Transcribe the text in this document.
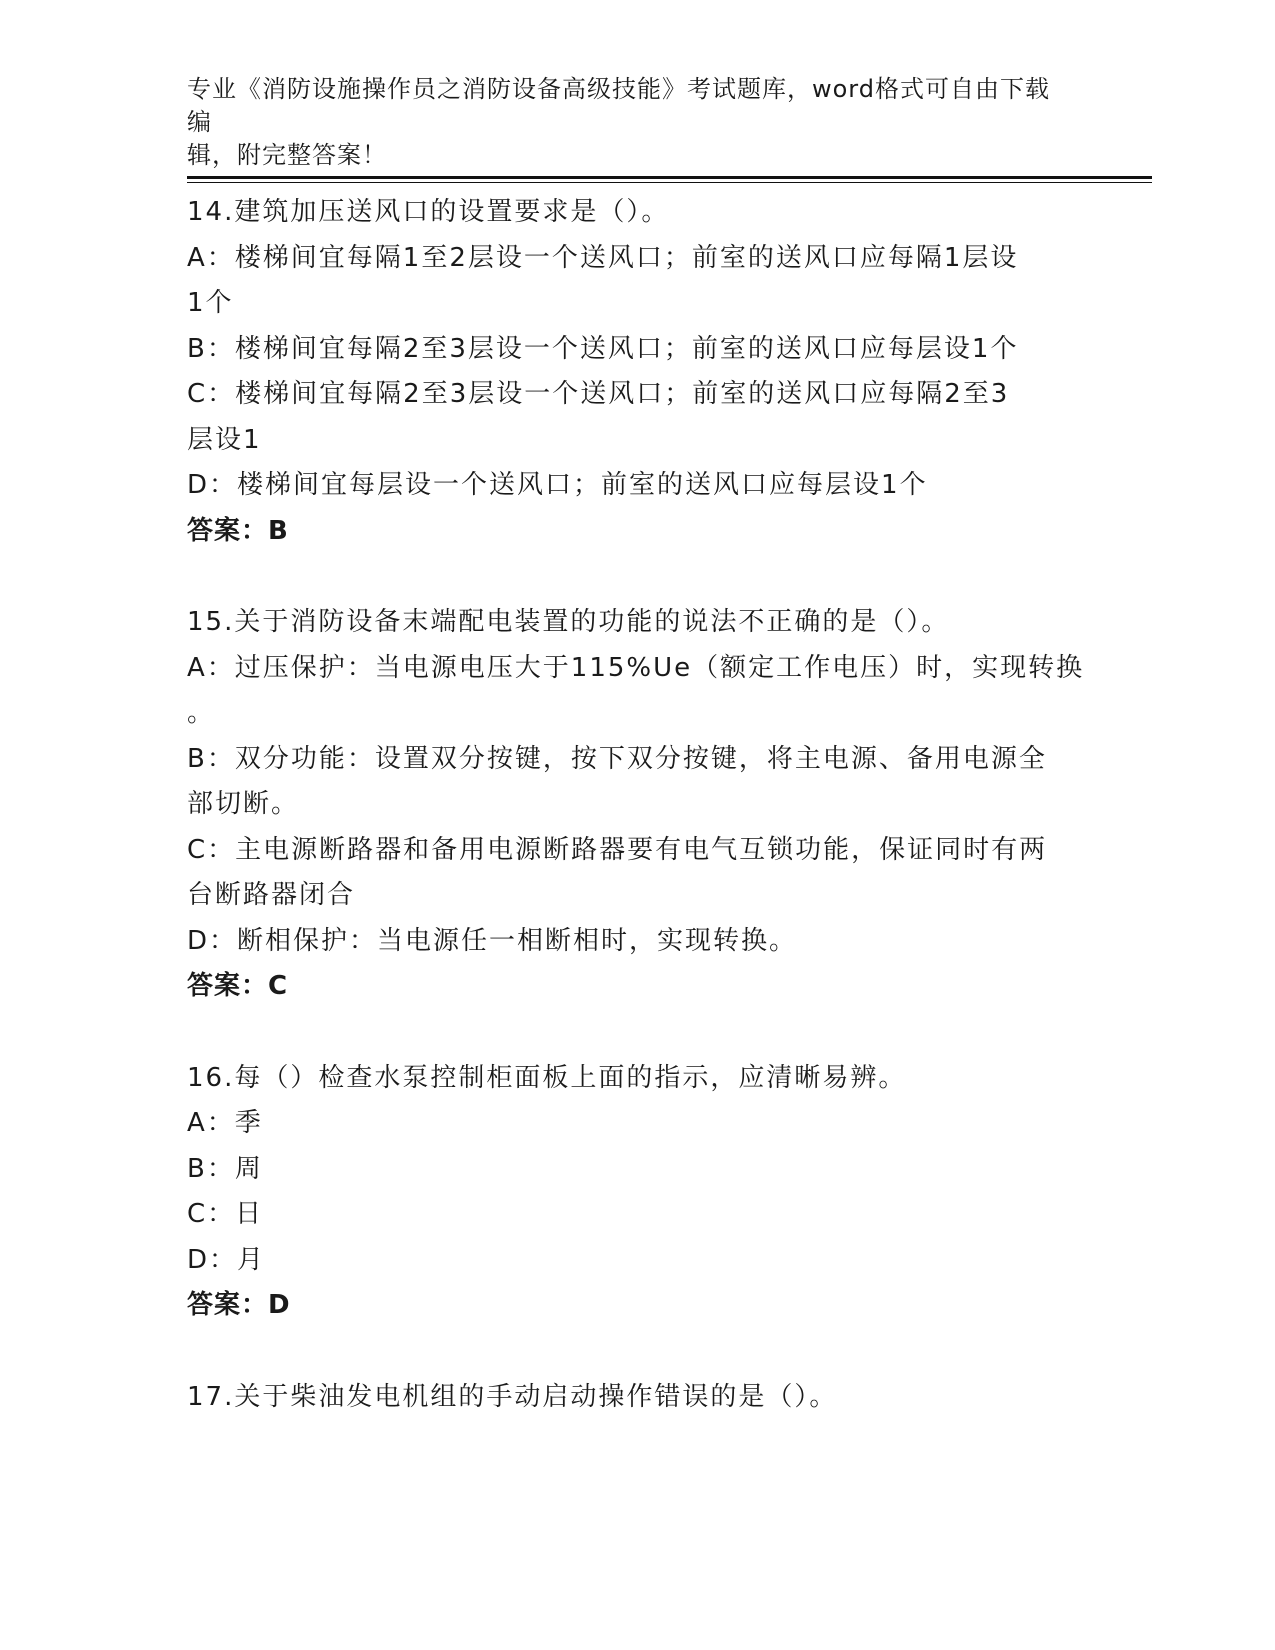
专业《消防设施操作员之消防设备高级技能》考试题库，word格式可自由下载编
辑，附完整答案！
14.建筑加压送风口的设置要求是（）。
A：楼梯间宜每隔1至2层设一个送风口；前室的送风口应每隔1层设
1个
B：楼梯间宜每隔2至3层设一个送风口；前室的送风口应每层设1个
C：楼梯间宜每隔2至3层设一个送风口；前室的送风口应每隔2至3
层设1
D：楼梯间宜每层设一个送风口；前室的送风口应每层设1个
答案：B
15.关于消防设备末端配电装置的功能的说法不正确的是（）。
A：过压保护：当电源电压大于115%Ue（额定工作电压）时，实现转换
。
B：双分功能：设置双分按键，按下双分按键，将主电源、备用电源全
部切断。
C：主电源断路器和备用电源断路器要有电气互锁功能，保证同时有两
台断路器闭合
D：断相保护：当电源任一相断相时，实现转换。
答案：C
16.每（）检查水泵控制柜面板上面的指示，应清晰易辨。
A：季
B：周
C：日
D：月
答案：D
17.关于柴油发电机组的手动启动操作错误的是（）。
